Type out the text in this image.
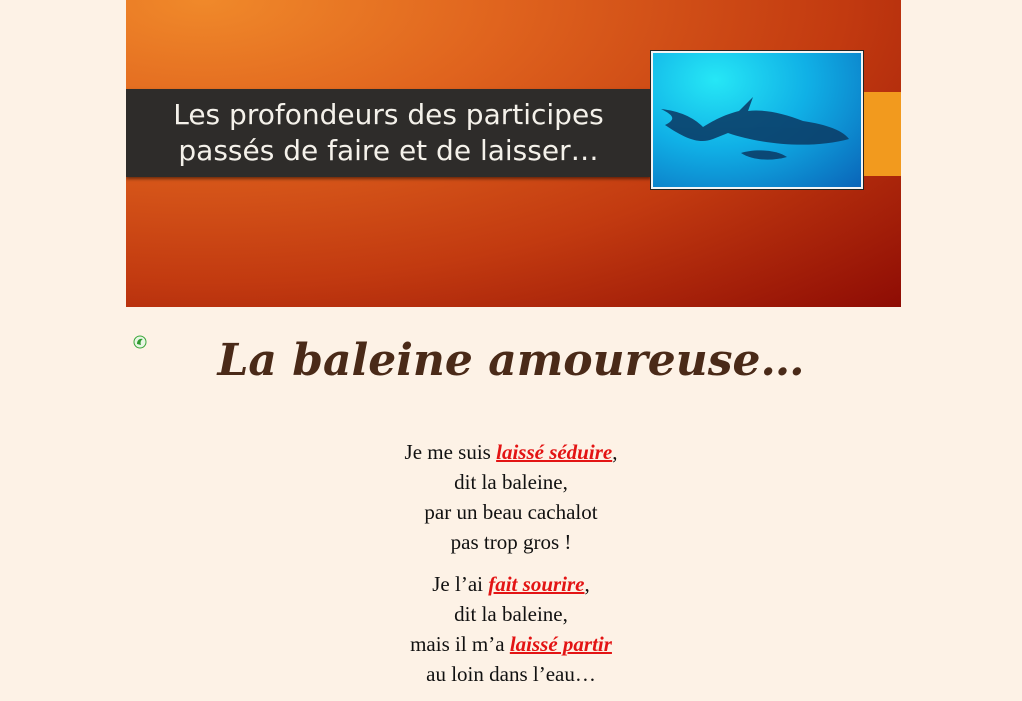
Les profondeurs des participes
passés de faire et de laisser…
La baleine amoureuse…
Je me suis laissé séduire,
dit la baleine,
par un beau cachalot
pas trop gros !
Je l’ai fait sourire,
dit la baleine,
mais il m’a laissé partir
au loin dans l’eau…
